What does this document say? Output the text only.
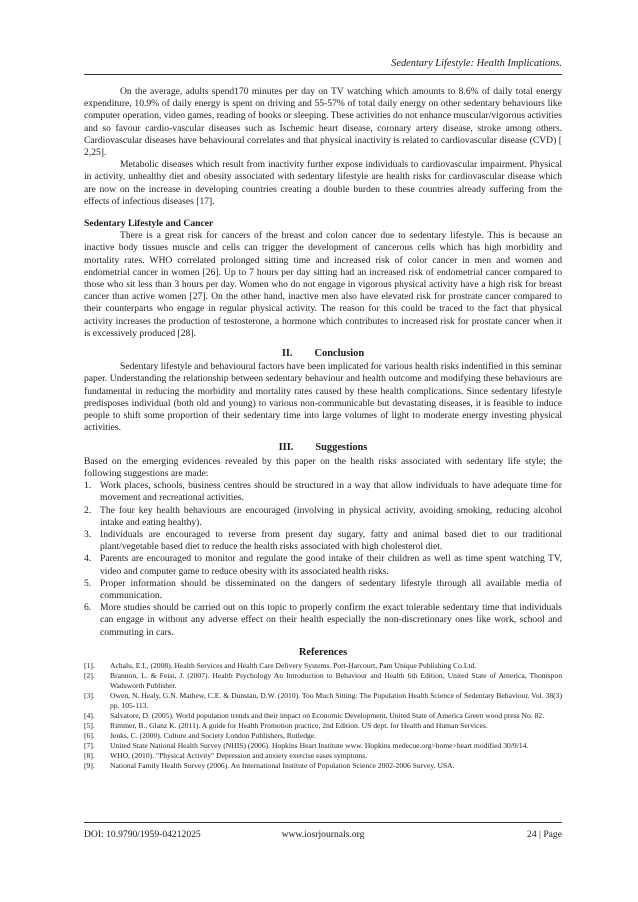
Sedentary Lifestyle: Health Implications.

On the average, adults spend170 minutes per day on TV watching which amounts to 8.6% of daily total energy expenditure, 10.9% of daily energy is spent on driving and 55-57% of total daily energy on other sedentary behaviours like computer operation, video games, reading of books or sleeping. These activities do not enhance muscular/vigorous activities and so favour cardio-vascular diseases such as Ischemic heart disease, coronary artery disease, stroke among others. Cardiovascular diseases have behavioural correlates and that physical inactivity is related to cardiovascular disease (CVD) [ 2,25].

Metabolic diseases which result from inactivity further expose individuals to cardiovascular impairment. Physical in activity, unhealthy diet and obesity associated with sedentary lifestyle are health risks for cardiovascular disease which are now on the increase in developing countries creating a double burden to these countries already suffering from the effects of infectious diseases [17].

Sedentary Lifestyle and Cancer

There is a great risk for cancers of the breast and colon cancer due to sedentary lifestyle. This is because an inactive body tissues muscle and cells can trigger the development of cancerous cells which has high morbidity and mortality rates. WHO correlated prolonged sitting time and increased risk of color cancer in men and women and endometrial cancer in women [26]. Up to 7 hours per day sitting had an increased risk of endometrial cancer compared to those who sit less than 3 hours per day. Women who do not engage in vigorous physical activity have a high risk for breast cancer than active women [27]. On the other hand, inactive men also have elevated risk for prostrate cancer compared to their counterparts who engage in regular physical activity. The reason for this could be traced to the fact that physical activity increases the production of testosterone, a hormone which contributes to increased risk for prostate cancer when it is excessively produced [28].

II. Conclusion

Sedentary lifestyle and behavioural factors have been implicated for various health risks indentified in this seminar paper. Understanding the relationship between sedentary behaviour and health outcome and modifying these behaviours are fundamental in reducing the morbidity and mortality rates caused by these health complications. Since sedentary lifestyle predisposes individual (both old and young) to various non-communicable but devastating diseases, it is feasible to induce people to shift some proportion of their sedentary time into large volumes of light to moderate energy investing physical activities.

III. Suggestions

Based on the emerging evidences revealed by this paper on the health risks associated with sedentary life style; the following suggestions are made:

1. Work places, schools, business centres should be structured in a way that allow individuals to have adequate time for movement and recreational activities.
2. The four key health behaviours are encouraged (involving in physical activity, avoiding smoking, reducing alcohol intake and eating healthy).
3. Individuals are encouraged to reverse from present day sugary, fatty and animal based diet to our traditional plant/vegetable based diet to reduce the health risks associated with high cholesterol diet.
4. Parents are encouraged to monitor and regulate the good intake of their children as well as time spent watching TV, video and computer game to reduce obesity with its associated health risks.
5. Proper information should be disseminated on the dangers of sedentary lifestyle through all available media of communication.
6. More studies should be carried out on this topic to properly confirm the exact tolerable sedentary time that individuals can engage in without any adverse effect on their health especially the non-discretionary ones like work, school and commuting in cars.
References
[1]. Achalu, E.I., (2008). Health Services and Health Care Delivery Systems. Port-Harcourt, Pam Unique Publishing Co.Ltd.
[2]. Brannon, L. & Feist, J. (2007). Health Psychology An Introduction to Behaviour and Health 6th Edition, United State of America, Thomspon Wadsworth Publisher.
[3]. Owen, N. Healy, G.N. Mathew, C.E. & Dunstan, D.W. (2010). Too Much Sitting: The Population Health Science of Sedentary Behaviour. Vol. 38(3) pp. 105-113.
[4]. Salvatore, D. (2005). World population trends and their impact on Economic Development, United State of America Green wood press No. 82.
[5]. Rimmer, B., Glanz K. (2011). A guide for Health Promotion practice, 2nd Edition. US dept. for Health and Human Services.
[6]. Jenks, C. (2000). Culture and Society London Publishers, Rutledge.
[7]. United State National Health Survey (NHIS) (2006). Hopkins Heart Institute www. Hopkins medecue.org>home>heart modified 30/9/14.
[8]. WHO, (2010). "Physical Activity" Depression and anxiety exercise eases symptoms.
[9]. National Family Health Survey (2006). An International Institute of Population Science 2002-2006 Survey. USA.
DOI: 10.9790/1959-04212025	www.iosrjournals.org	24 | Page
